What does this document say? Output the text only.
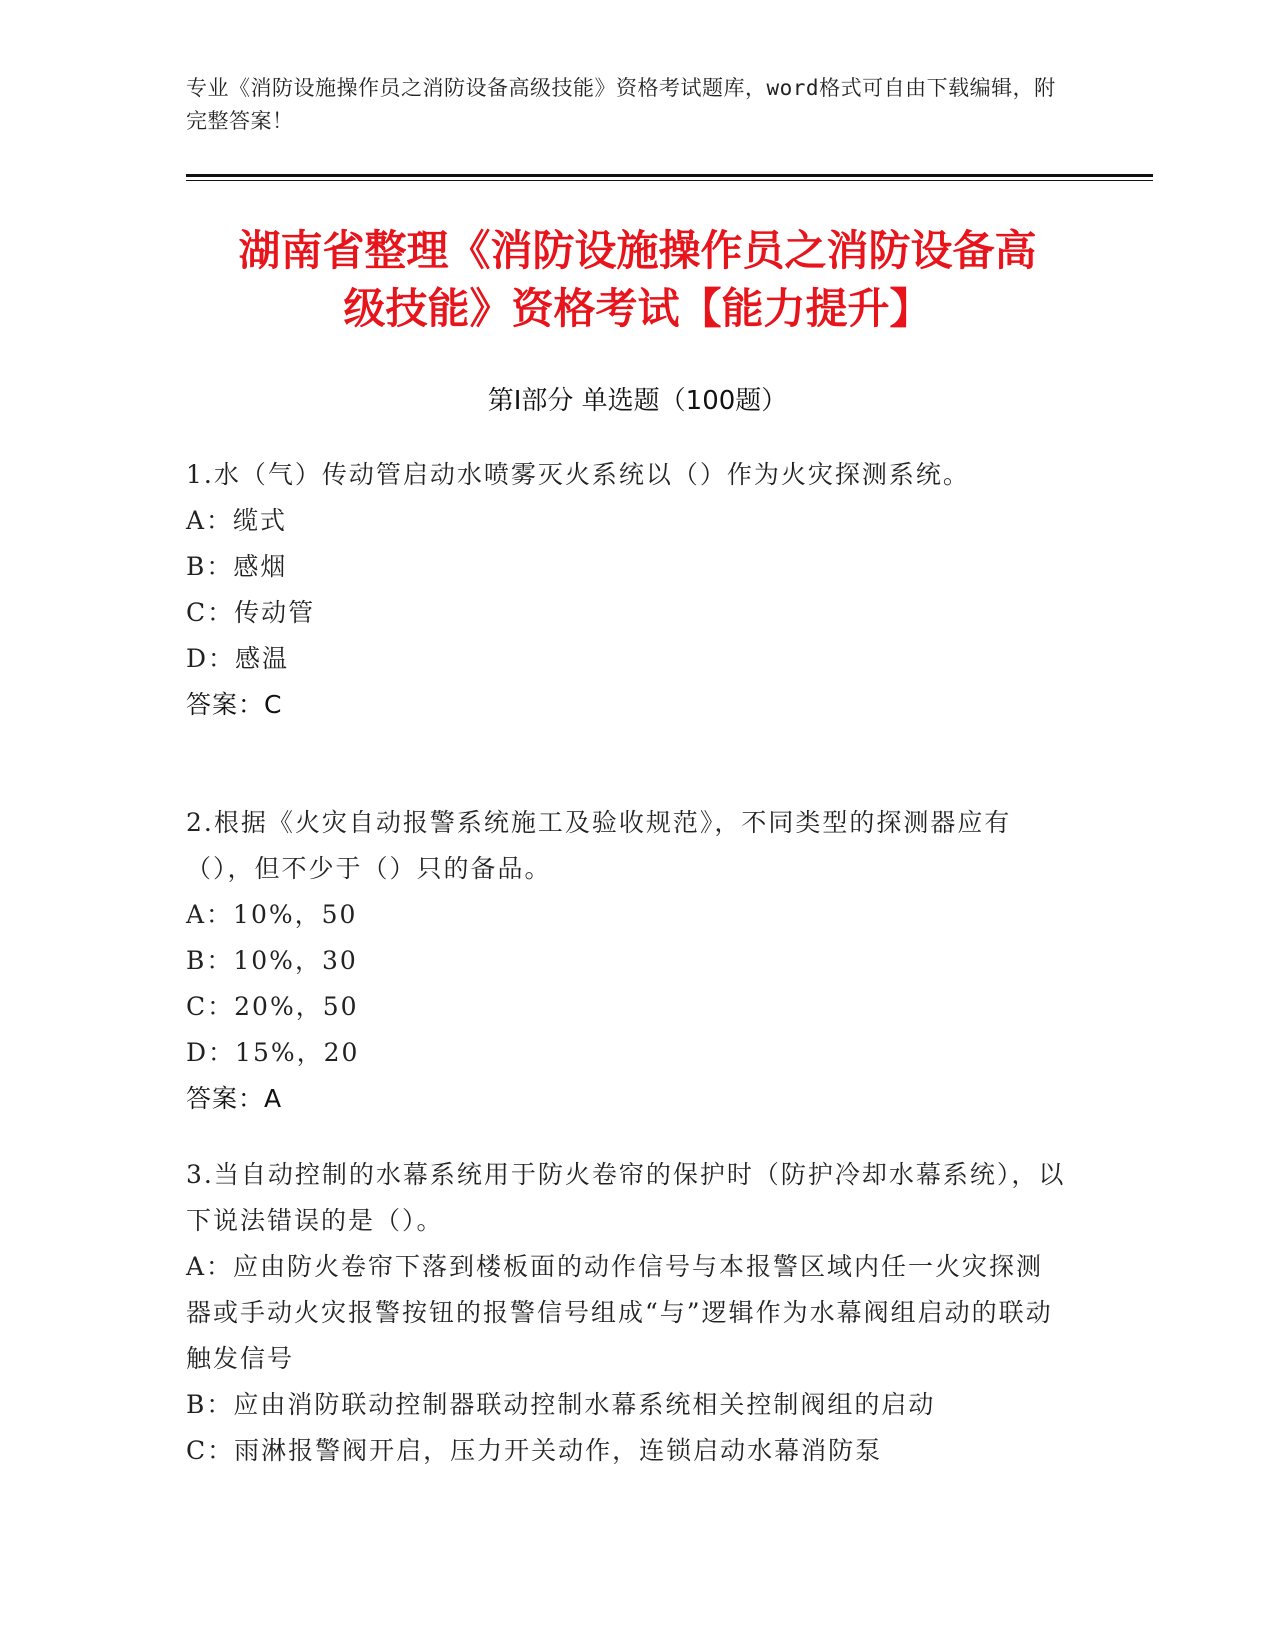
专业《消防设施操作员之消防设备高级技能》资格考试题库，word格式可自由下载编辑，附完整答案！
湖南省整理《消防设施操作员之消防设备高
级技能》资格考试【能力提升】
第Ⅰ部分 单选题（100题）
1.水（气）传动管启动水喷雾灭火系统以（）作为火灾探测系统。
A：缆式
B：感烟
C：传动管
D：感温
答案：C
2.根据《火灾自动报警系统施工及验收规范》，不同类型的探测器应有（），但不少于（）只的备品。
A：10%，50
B：10%，30
C：20%，50
D：15%，20
答案：A
3.当自动控制的水幕系统用于防火卷帘的保护时（防护冷却水幕系统），以下说法错误的是（）。
A：应由防火卷帘下落到楼板面的动作信号与本报警区域内任一火灾探测器或手动火灾报警按钮的报警信号组成“与”逻辑作为水幕阀组启动的联动触发信号
B：应由消防联动控制器联动控制水幕系统相关控制阀组的启动
C：雨淋报警阀开启，压力开关动作，连锁启动水幕消防泵
